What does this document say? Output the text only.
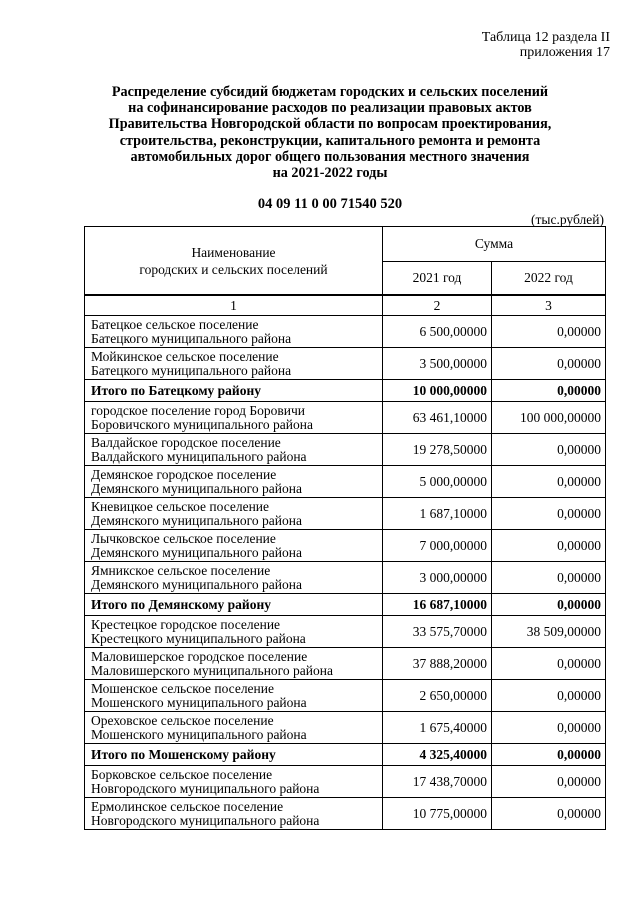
Таблица 12 раздела II
приложения 17
Распределение субсидий бюджетам городских и сельских поселений
на софинансирование расходов по реализации правовых актов
Правительства Новгородской области по вопросам проектирования,
строительства, реконструкции, капитального ремонта и ремонта
автомобильных дорог общего пользования местного значения
на 2021-2022 годы
04 09 11 0 00 71540 520
(тыс.рублей)
Наименование
городских и сельских поселений	Сумма	
	2021 год	2022 год
1	2	3

Батецкое сельское поселение
Батецкого муниципального района	6 500,00000	0,00000

Мойкинское сельское поселение
Батецкого муниципального района	3 500,00000	0,00000

Итого по Батецкому району	10 000,00000	0,00000

городское поселение город Боровичи
Боровичского муниципального района	63 461,10000	100 000,00000

Валдайское городское поселение
Валдайского муниципального района	19 278,50000	0,00000

Демянское городское поселение
Демянского муниципального района	5 000,00000	0,00000

Кневицкое сельское поселение
Демянского муниципального района	1 687,10000	0,00000

Лычковское сельское поселение
Демянского муниципального района	7 000,00000	0,00000

Ямникское сельское поселение
Демянского муниципального района	3 000,00000	0,00000

Итого по Демянскому району	16 687,10000	0,00000

Крестецкое городское поселение
Крестецкого муниципального района	33 575,70000	38 509,00000

Маловишерское городское поселение
Маловишерского муниципального района	37 888,20000	0,00000

Мошенское сельское поселение
Мошенского муниципального района	2 650,00000	0,00000

Ореховское сельское поселение
Мошенского муниципального района	1 675,40000	0,00000

Итого по Мошенскому району	4 325,40000	0,00000

Борковское сельское поселение
Новгородского муниципального района	17 438,70000	0,00000

Ермолинское сельское поселение
Новгородского муниципального района	10 775,00000	0,00000
